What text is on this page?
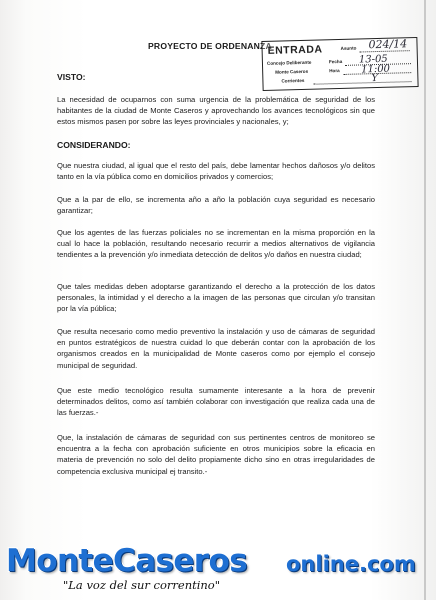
PROYECTO DE ORDENANZA
ENTRADA	Asunto 024/14
Concejo Deliberante	Fecha 13-05
Monte Caseros	Hora 11:00
Corrientes	Y
VISTO:
La necesidad de ocuparnos con suma urgencia de la problemática de seguridad de los habitantes de la ciudad de Monte Caseros y aprovechando los avances tecnológicos sin que estos mismos pasen por sobre las leyes provinciales y nacionales, y;
CONSIDERANDO:
Que nuestra ciudad, al igual que el resto del país, debe lamentar hechos dañosos y/o delitos tanto en la vía pública como en domicilios privados y comercios;
Que a la par de ello, se incrementa año a año la población cuya seguridad es necesario garantizar;
Que los agentes de las fuerzas policiales no se incrementan en la misma proporción en la cual lo hace la población, resultando necesario recurrir a medios alternativos de vigilancia tendientes a la prevención y/o inmediata detección de delitos y/o daños en nuestra ciudad;
Que tales medidas deben adoptarse garantizando el derecho a la protección de los datos personales, la intimidad y el derecho a la imagen de las personas que circulan y/o transitan por la vía pública;
Que resulta necesario como medio preventivo la instalación y uso de cámaras de seguridad en puntos estratégicos de nuestra cuidad lo que deberán contar con la aprobación de los organismos creados en la municipalidad de Monte caseros como por ejemplo el consejo municipal de seguridad.
Que este medio tecnológico resulta sumamente interesante a la hora de prevenir determinados delitos, como así también colaborar con investigación que realiza cada una de las fuerzas.-
Que, la instalación de cámaras de seguridad con sus pertinentes centros de monitoreo se encuentra a la fecha con aprobación suficiente en otros municipios sobre la eficacia en materia de prevención no solo del delito propiamente dicho sino en otras irregularidades de competencia exclusiva municipal ej transito.-
MonteCaseros online.com
"La voz del sur correntino"
